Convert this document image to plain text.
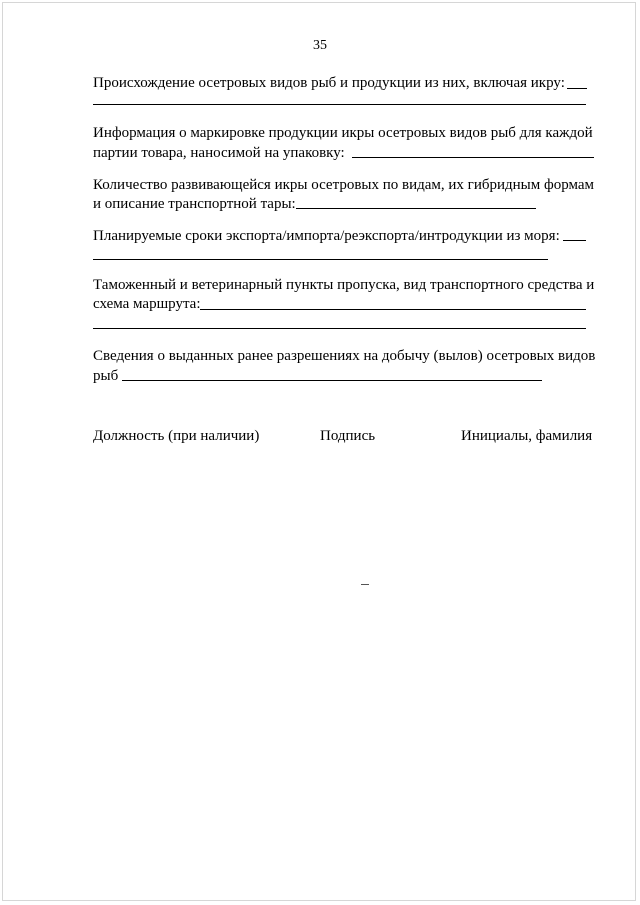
35
Происхождение осетровых видов рыб и продукции из них, включая икру:
Информация о маркировке продукции икры осетровых видов рыб для каждой
партии товара, наносимой на упаковку:
Количество развивающейся икры осетровых по видам, их гибридным формам
и описание транспортной тары:
Планируемые сроки экспорта/импорта/реэкспорта/интродукции из моря:
Таможенный и ветеринарный пункты пропуска, вид транспортного средства и
схема маршрута:
Сведения о выданных ранее разрешениях на добычу (вылов) осетровых видов
рыб
Должность (при наличии)	Подпись	Инициалы, фамилия
